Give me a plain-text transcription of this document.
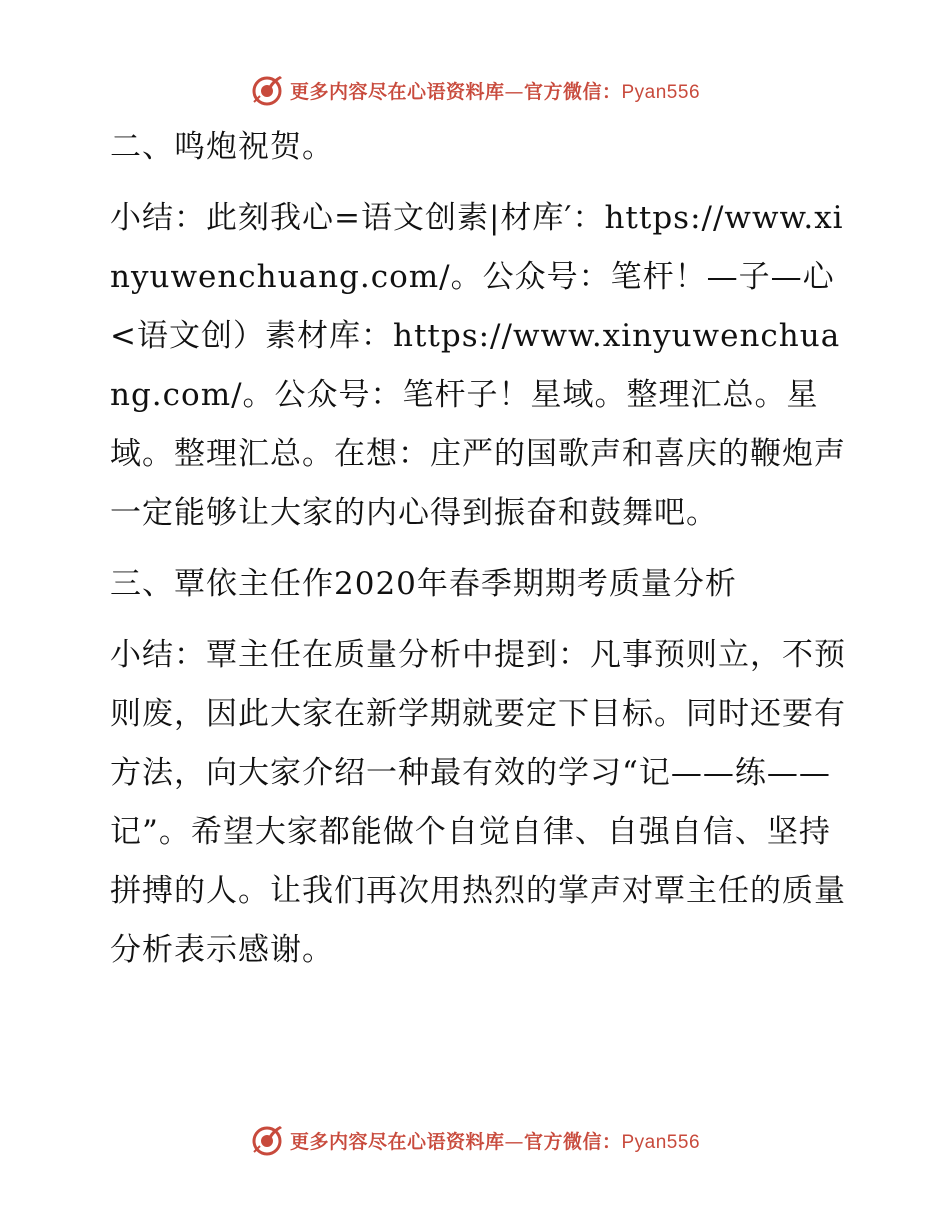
更多内容尽在心语资料库—官方微信：Pyan556

二、鸣炮祝贺。

小结：此刻我心=语文创素|材库′：https://www.xinyuwenchuang.com/。公众号：笔杆！—子—心<语文创）素材库：https://www.xinyuwenchuang.com/。公众号：笔杆子！星域。整理汇总。星域。整理汇总。在想：庄严的国歌声和喜庆的鞭炮声一定能够让大家的内心得到振奋和鼓舞吧。

三、覃依主任作2020年春季期期考质量分析

小结：覃主任在质量分析中提到：凡事预则立，不预则废，因此大家在新学期就要定下目标。同时还要有方法，向大家介绍一种最有效的学习“记——练——记”。希望大家都能做个自觉自律、自强自信、坚持拼搏的人。让我们再次用热烈的掌声对覃主任的质量分析表示感谢。

更多内容尽在心语资料库—官方微信：Pyan556
